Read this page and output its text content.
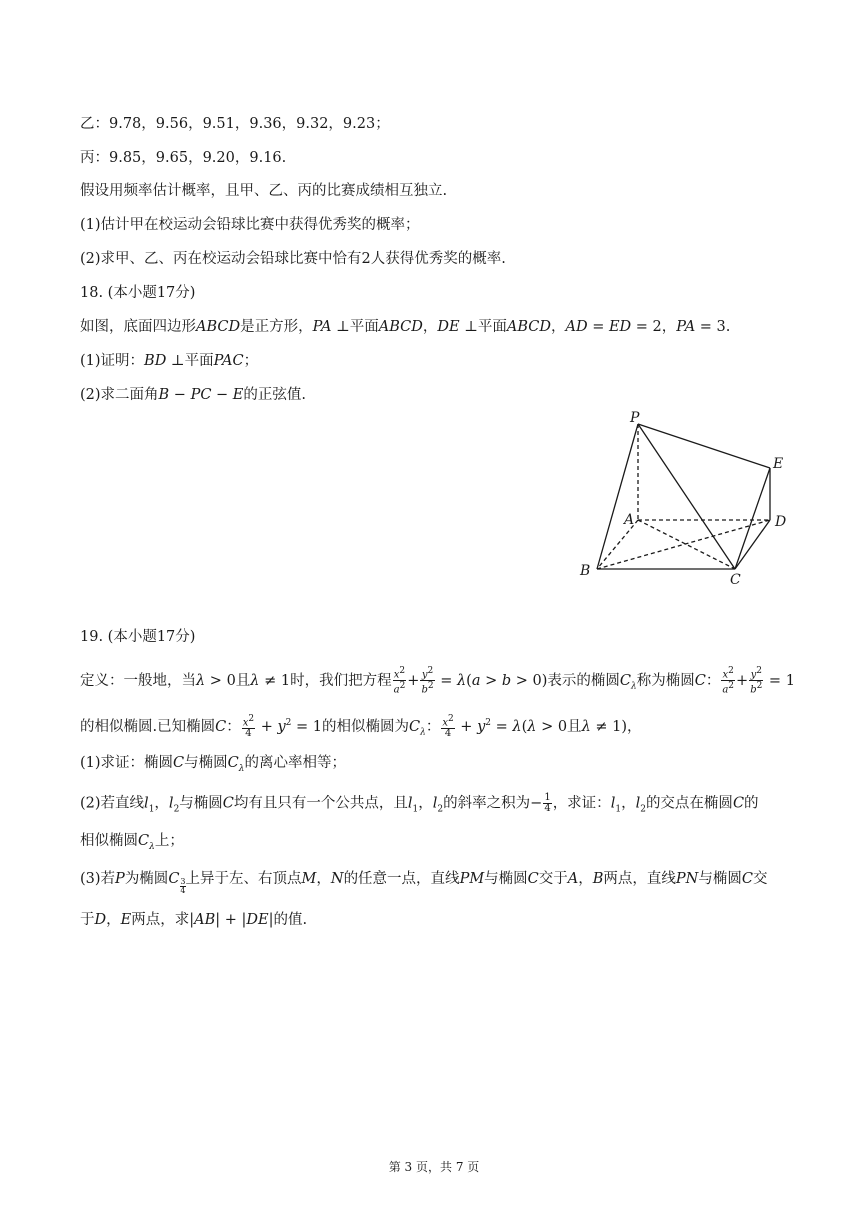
乙：9.78，9.56，9.51，9.36，9.32，9.23；
丙：9.85，9.65，9.20，9.16.
假设用频率估计概率，且甲、乙、丙的比赛成绩相互独立.
(1)估计甲在校运动会铅球比赛中获得优秀奖的概率；
(2)求甲、乙、丙在校运动会铅球比赛中恰有2人获得优秀奖的概率.
18. (本小题17分)
如图，底面四边形ABCD是正方形，PA ⊥平面ABCD，DE ⊥平面ABCD，AD = ED = 2，PA = 3.
(1)证明：BD ⊥平面PAC；
(2)求二面角B − PC − E的正弦值.
P
E
A	D
B
C
19. (本小题17分)
定义：一般地，当λ > 0且λ ≠ 1时，我们把方程 $\frac{x^2}{a^2} + \frac{y^2}{b^2} = \lambda(a > b > 0)$表示的椭圆$C_\lambda$称为椭圆C： $\frac{x^2}{a^2} + \frac{y^2}{b^2} = 1$
的相似椭圆.已知椭圆C： $\frac{x^2}{4} + y^2 = 1$的相似椭圆为$C_\lambda$： $\frac{x^2}{4} + y^2 = \lambda(\lambda > 0$且λ ≠ 1)，
(1)求证：椭圆C与椭圆$C_\lambda$的离心率相等；
(2)若直线$l_1$，$l_2$与椭圆C均有且只有一个公共点，且$l_1$，$l_2$的斜率之积为− $\frac{1}{4}$ ，求证：$l_1$，$l_2$的交点在椭圆C的
相似椭圆$C_\lambda$上；
(3)若P为椭圆C $\frac{3}{4}$上异于左、右顶点M，N的任意一点，直线PM与椭圆C交于A，B两点，直线PN与椭圆C交
于D，E两点，求|AB| + |DE|的值.
第 3 页，共 7 页
